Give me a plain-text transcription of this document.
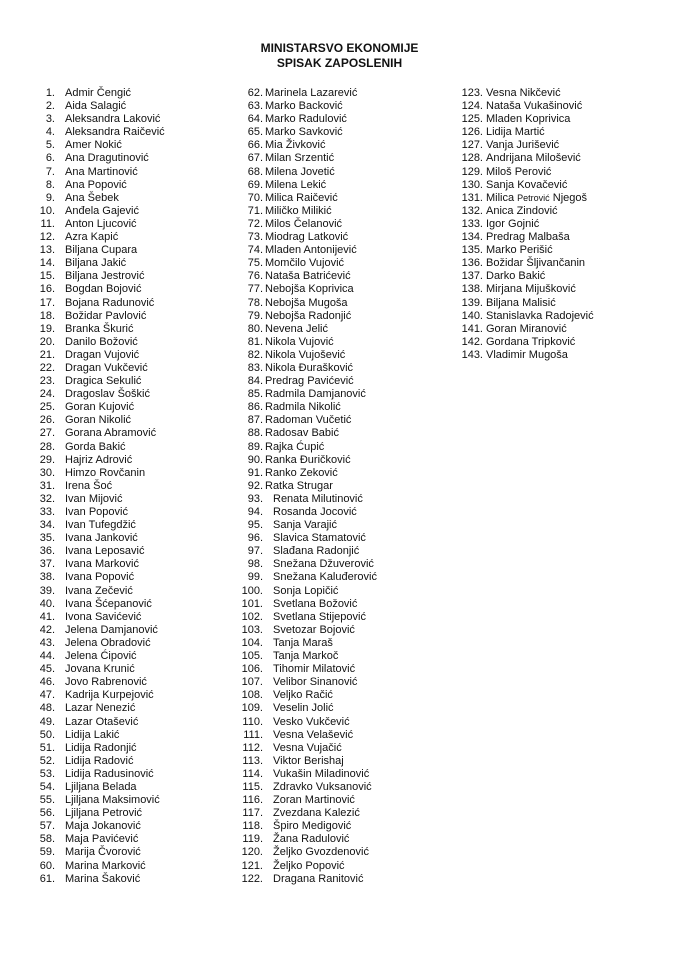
MINISTARSVO EKONOMIJE
SPISAK ZAPOSLENIH
1. Admir Čengić
2. Aida Salagić
3. Aleksandra Laković
4. Aleksandra Raičević
5. Amer Nokić
6. Ana Dragutinović
7. Ana Martinović
8. Ana Popović
9. Ana Šebek
10. Anđela Gajević
11. Anton Ljucović
12. Azra Kapić
13. Biljana Cupara
14. Biljana Jakić
15. Biljana Jestrović
16. Bogdan Bojović
17. Bojana Radunović
18. Božidar Pavlović
19. Branka Škurić
20. Danilo Božović
21. Dragan Vujović
22. Dragan Vukčević
23. Dragica Sekulić
24. Dragoslav Šoškić
25. Goran Kujović
26. Goran Nikolić
27. Gorana Abramović
28. Gorda Bakić
29. Hajriz Adrović
30. Himzo Rovčanin
31. Irena Šoć
32. Ivan Mijović
33. Ivan Popović
34. Ivan Tufegdžić
35. Ivana Janković
36. Ivana Leposavić
37. Ivana Marković
38. Ivana Popović
39. Ivana Zečević
40. Ivana Šćepanović
41. Ivona Savićević
42. Jelena Damjanović
43. Jelena Obradović
44. Jelena Ćipović
45. Jovana Krunić
46. Jovo Rabrenović
47. Kadrija Kurpejović
48. Lazar Nenezić
49. Lazar Otašević
50. Lidija Lakić
51. Lidija Radonjić
52. Lidija Radović
53. Lidija Radusinović
54. Ljiljana Belada
55. Ljiljana Maksimović
56. Ljiljana Petrović
57. Maja Jokanović
58. Maja Pavićević
59. Marija Čvorović
60. Marina Marković
61. Marina Šaković
62. Marinela Lazarević
63. Marko Backović
64. Marko Radulović
65. Marko Savković
66. Mia Živković
67. Milan Srzentić
68. Milena Jovetić
69. Milena Lekić
70. Milica Raičević
71. Miličko Milikić
72. Milos Čelanović
73. Miodrag Latković
74. Mladen Antonijević
75. Momčilo Vujović
76. Nataša Batrićević
77. Nebojša Koprivica
78. Nebojša Mugoša
79. Nebojša Radonjić
80. Nevena Jelić
81. Nikola Vujović
82. Nikola Vujošević
83. Nikola Đurašković
84. Predrag Pavićević
85. Radmila Damjanović
86. Radmila Nikolić
87. Radoman Vučetić
88. Radosav Babić
89. Rajka Ćupić
90. Ranka Đuričković
91. Ranko Zeković
92. Ratka Strugar
93. Renata Milutinović
94. Rosanda Jocović
95. Sanja Varajić
96. Slavica Stamatović
97. Slađana Radonjić
98. Snežana Džuverović
99. Snežana Kaluđerović
100. Sonja Lopičić
101. Svetlana Božović
102. Svetlana Stijepović
103. Svetozar Bojović
104. Tanja Maraš
105. Tanja Markoč
106. Tihomir Milatović
107. Velibor Sinanović
108. Veljko Račić
109. Veselin Jolić
110. Vesko Vukčević
111. Vesna Velašević
112. Vesna Vujačić
113. Viktor Berishaj
114. Vukašin Miladinović
115. Zdravko Vuksanović
116. Zoran Martinović
117. Zvezdana Kalezić
118. Špiro Medigović
119. Žana Radulović
120. Željko Gvozdenović
121. Željko Popović
122. Dragana Ranitović
123. Vesna Nikčević
124. Nataša Vukašinović
125. Mladen Koprivica
126. Lidija Martić
127. Vanja Jurišević
128. Andrijana Milošević
129. Miloš Perović
130. Sanja Kovačević
131. Milica Petrović Njegoš
132. Anica Zindović
133. Igor Gojnić
134. Predrag Malbaša
135. Marko Perišić
136. Božidar Šljivančanin
137. Darko Bakić
138. Mirjana Mijušković
139. Biljana Malisić
140. Stanislavka Radojević
141. Goran Miranović
142.Gordana Tripković
143.Vladimir Mugoša
